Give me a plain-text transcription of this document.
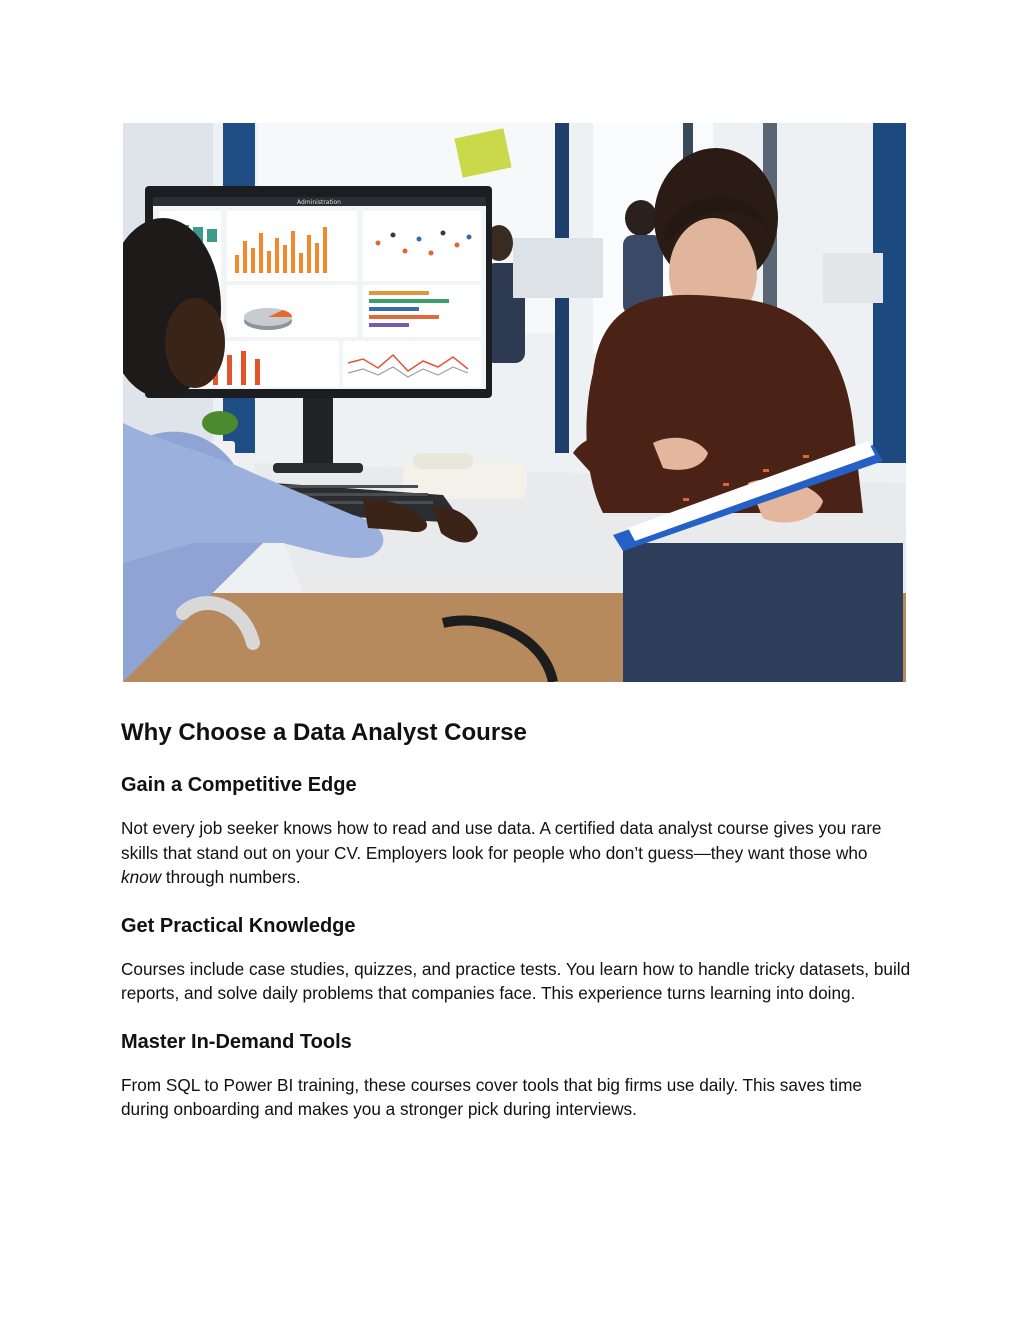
Administration
Why Choose a Data Analyst Course
Gain a Competitive Edge

Not every job seeker knows how to read and use data. A certified data analyst course gives you rare skills that stand out on your CV. Employers look for people who don’t guess—they want those who know through numbers.

Get Practical Knowledge

Courses include case studies, quizzes, and practice tests. You learn how to handle tricky datasets, build reports, and solve daily problems that companies face. This experience turns learning into doing.

Master In-Demand Tools

From SQL to Power BI training, these courses cover tools that big firms use daily. This saves time during onboarding and makes you a stronger pick during interviews.
